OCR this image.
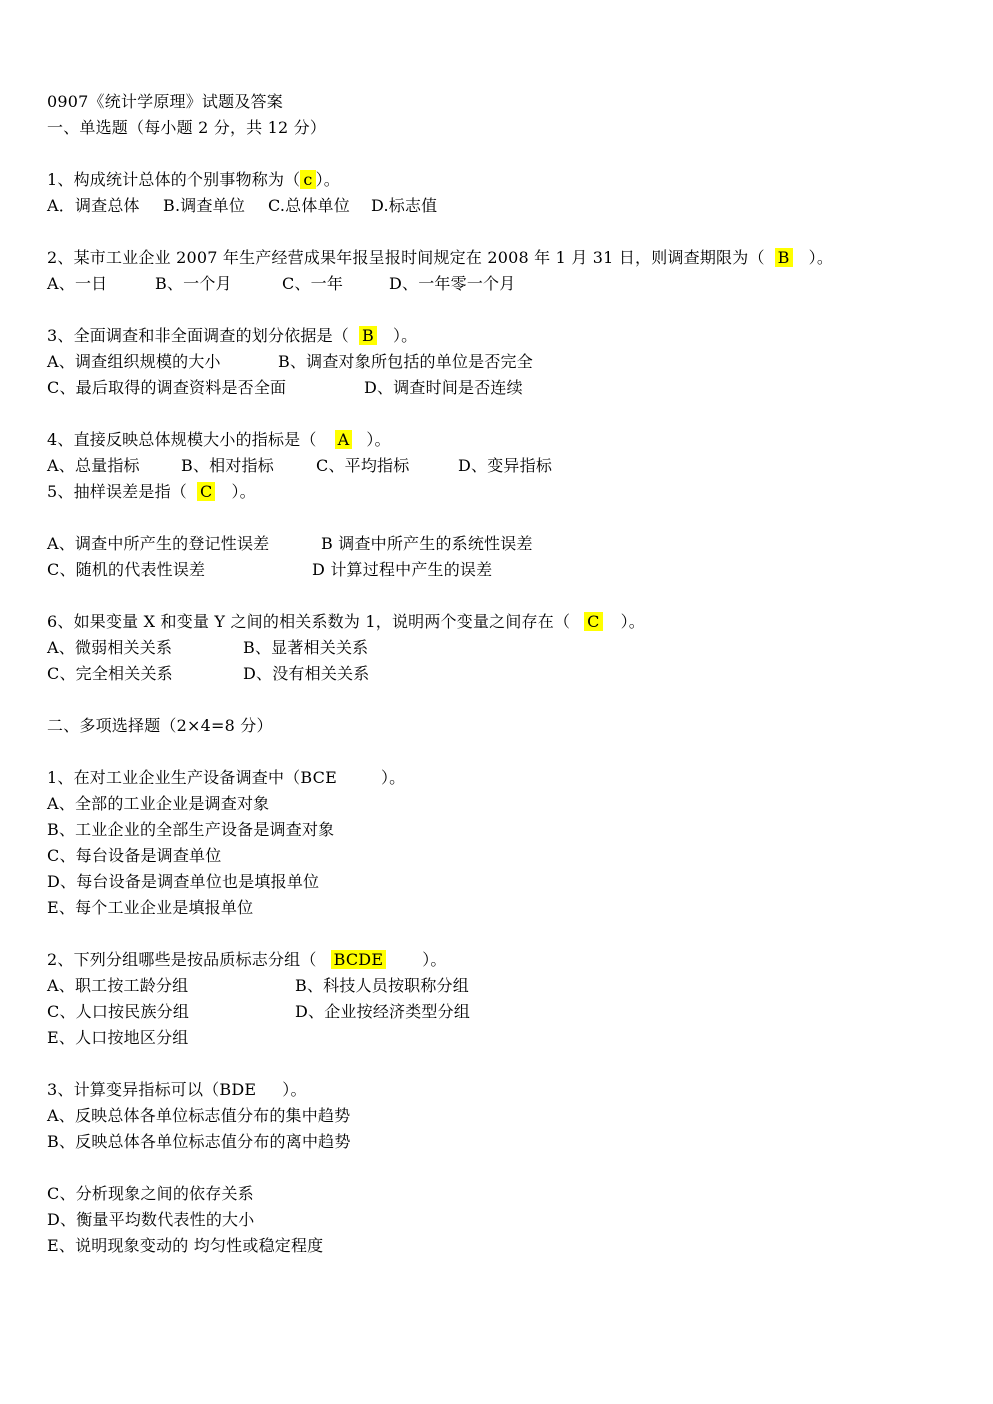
0907《统计学原理》试题及答案
一、单选题（每小题 2 分，共 12 分）
1、构成统计总体的个别事物称为（ c ）。

A．调查总体

B.调查单位

C.总体单位

D.标志值

2、某市工业企业 2007 年生产经营成果年报呈报时间规定在 2008 年 1 月 31 日，则调查期限为（ B ）。

A、一日

	B、一个月

	C、一年

	D、一年零一个月

3、全面调查和非全面调查的划分依据是（ B ）。

A、调查组织规模的大小

	B、调查对象所包括的单位是否完全

C、最后取得的调查资料是否全面

	D、调查时间是否连续

4、直接反映总体规模大小的指标是（ A ）。

A、总量指标

	B、相对指标

	C、平均指标

	D、变异指标

5、抽样误差是指（ C ）。

A、调查中所产生的登记性误差

	B 调查中所产生的系统性误差

C、随机的代表性误差

	D 计算过程中产生的误差

6、如果变量 X 和变量 Y 之间的相关系数为 1，说明两个变量之间存在（ C ）。

A、微弱相关关系

	B、显著相关关系

C、完全相关关系

	D、没有相关关系

二、多项选择题（2×4=8 分）
1、在对工业企业生产设备调查中（BCE	）。
A、全部的工业企业是调查对象
B、工业企业的全部生产设备是调查对象
C、每台设备是调查单位
D、每台设备是调查单位也是填报单位
E、每个工业企业是填报单位
2、下列分组哪些是按品质标志分组（ BCDE ）。

A、职工按工龄分组

	B、科技人员按职称分组

C、人口按民族分组

	D、企业按经济类型分组

E、人口按地区分组
3、计算变异指标可以（BDE ）。
A、反映总体各单位标志值分布的集中趋势
B、反映总体各单位标志值分布的离中趋势
C、分析现象之间的依存关系
D、衡量平均数代表性的大小
E、说明现象变动的 均匀性或稳定程度
